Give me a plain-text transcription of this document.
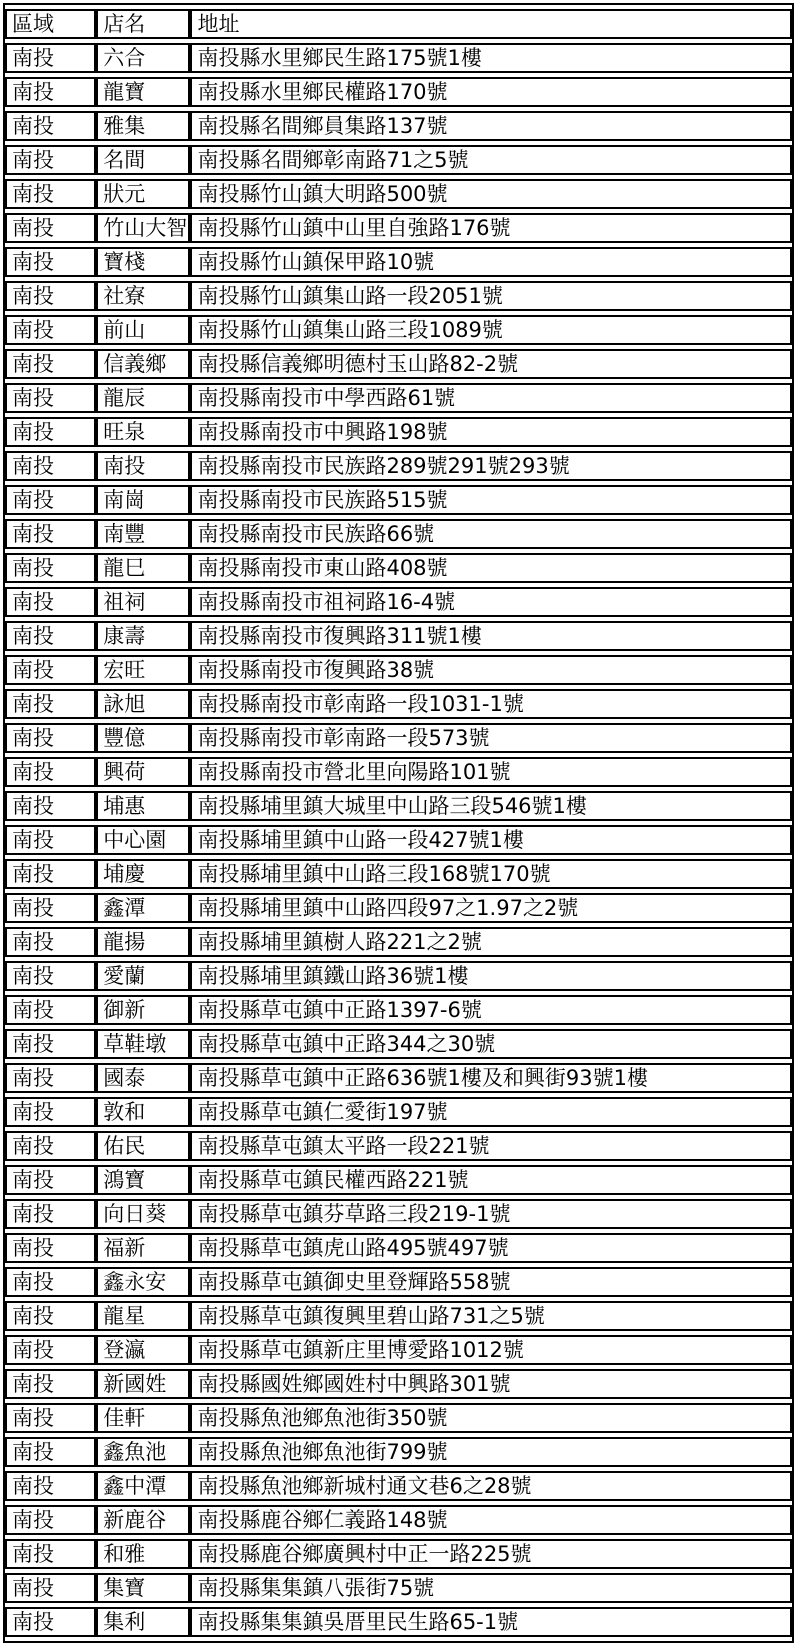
區域	店名	地址
南投	六合	南投縣水里鄉民生路175號1樓
南投	龍寶	南投縣水里鄉民權路170號
南投	雅集	南投縣名間鄉員集路137號
南投	名間	南投縣名間鄉彰南路71之5號
南投	狀元	南投縣竹山鎮大明路500號
南投	竹山大智	南投縣竹山鎮中山里自強路176號
南投	寶棧	南投縣竹山鎮保甲路10號
南投	社寮	南投縣竹山鎮集山路一段2051號
南投	前山	南投縣竹山鎮集山路三段1089號
南投	信義鄉	南投縣信義鄉明德村玉山路82-2號
南投	龍辰	南投縣南投市中學西路61號
南投	旺泉	南投縣南投市中興路198號
南投	南投	南投縣南投市民族路289號291號293號
南投	南崗	南投縣南投市民族路515號
南投	南豐	南投縣南投市民族路66號
南投	龍巳	南投縣南投市東山路408號
南投	祖祠	南投縣南投市祖祠路16-4號
南投	康壽	南投縣南投市復興路311號1樓
南投	宏旺	南投縣南投市復興路38號
南投	詠旭	南投縣南投市彰南路一段1031-1號
南投	豐億	南投縣南投市彰南路一段573號
南投	興荷	南投縣南投市營北里向陽路101號
南投	埔惠	南投縣埔里鎮大城里中山路三段546號1樓
南投	中心園	南投縣埔里鎮中山路一段427號1樓
南投	埔慶	南投縣埔里鎮中山路三段168號170號
南投	鑫潭	南投縣埔里鎮中山路四段97之1.97之2號
南投	龍揚	南投縣埔里鎮樹人路221之2號
南投	愛蘭	南投縣埔里鎮鐵山路36號1樓
南投	御新	南投縣草屯鎮中正路1397-6號
南投	草鞋墩	南投縣草屯鎮中正路344之30號
南投	國泰	南投縣草屯鎮中正路636號1樓及和興街93號1樓
南投	敦和	南投縣草屯鎮仁愛街197號
南投	佑民	南投縣草屯鎮太平路一段221號
南投	鴻寶	南投縣草屯鎮民權西路221號
南投	向日葵	南投縣草屯鎮芬草路三段219-1號
南投	福新	南投縣草屯鎮虎山路495號497號
南投	鑫永安	南投縣草屯鎮御史里登輝路558號
南投	龍星	南投縣草屯鎮復興里碧山路731之5號
南投	登瀛	南投縣草屯鎮新庄里博愛路1012號
南投	新國姓	南投縣國姓鄉國姓村中興路301號
南投	佳軒	南投縣魚池鄉魚池街350號
南投	鑫魚池	南投縣魚池鄉魚池街799號
南投	鑫中潭	南投縣魚池鄉新城村通文巷6之28號
南投	新鹿谷	南投縣鹿谷鄉仁義路148號
南投	和雅	南投縣鹿谷鄉廣興村中正一路225號
南投	集寶	南投縣集集鎮八張街75號
南投	集利	南投縣集集鎮吳厝里民生路65-1號
